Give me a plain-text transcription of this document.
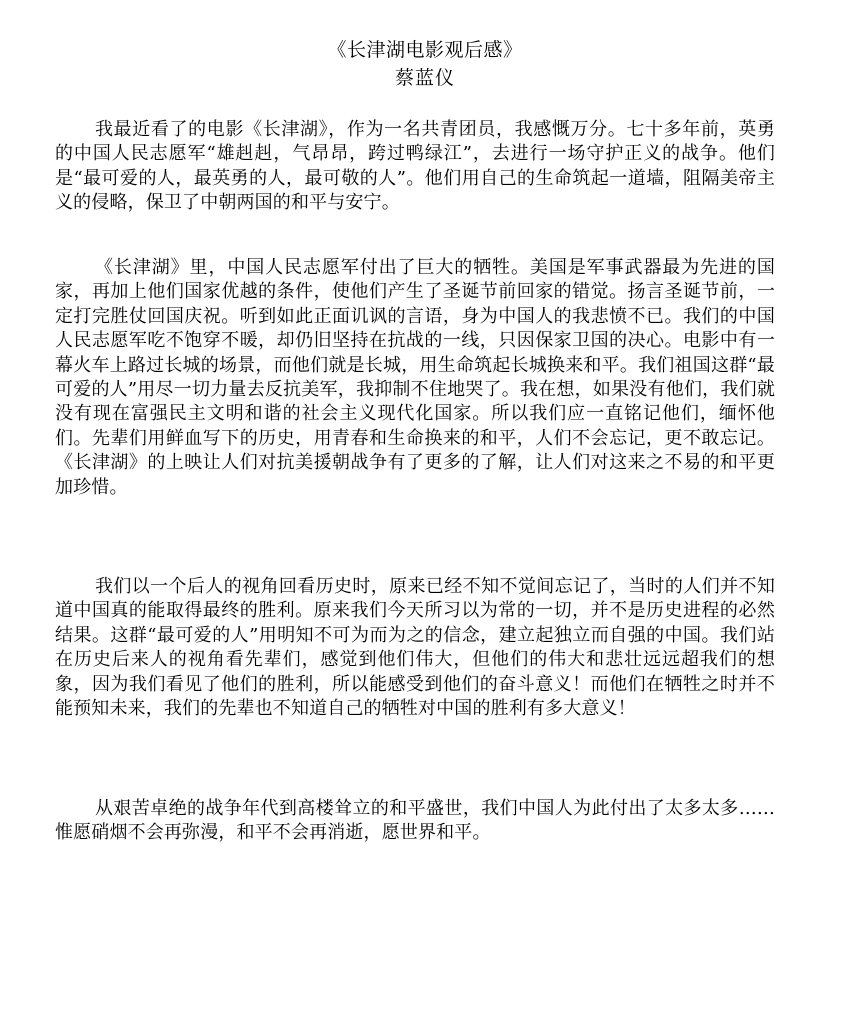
《长津湖电影观后感》
蔡蓝仪

我最近看了的电影《长津湖》，作为一名共青团员，我感慨万分。七十多年前，英勇的中国人民志愿军“雄赳赳，气昂昂，跨过鸭绿江”，去进行一场守护正义的战争。他们是“最可爱的人，最英勇的人，最可敬的人”。他们用自己的生命筑起一道墙，阻隔美帝主义的侵略，保卫了中朝两国的和平与安宁。

《长津湖》里，中国人民志愿军付出了巨大的牺牲。美国是军事武器最为先进的国家，再加上他们国家优越的条件，使他们产生了圣诞节前回家的错觉。扬言圣诞节前，一定打完胜仗回国庆祝。听到如此正面讥讽的言语，身为中国人的我悲愤不已。我们的中国人民志愿军吃不饱穿不暖，却仍旧坚持在抗战的一线，只因保家卫国的决心。电影中有一幕火车上路过长城的场景，而他们就是长城，用生命筑起长城换来和平。我们祖国这群“最可爱的人”用尽一切力量去反抗美军，我抑制不住地哭了。我在想，如果没有他们，我们就没有现在富强民主文明和谐的社会主义现代化国家。所以我们应一直铭记他们，缅怀他们。先辈们用鲜血写下的历史，用青春和生命换来的和平，人们不会忘记，更不敢忘记。《长津湖》的上映让人们对抗美援朝战争有了更多的了解，让人们对这来之不易的和平更加珍惜。

我们以一个后人的视角回看历史时，原来已经不知不觉间忘记了，当时的人们并不知道中国真的能取得最终的胜利。原来我们今天所习以为常的一切，并不是历史进程的必然结果。这群“最可爱的人”用明知不可为而为之的信念，建立起独立而自强的中国。我们站在历史后来人的视角看先辈们，感觉到他们伟大，但他们的伟大和悲壮远远超我们的想象，因为我们看见了他们的胜利，所以能感受到他们的奋斗意义！而他们在牺牲之时并不能预知未来，我们的先辈也不知道自己的牺牲对中国的胜利有多大意义！

从艰苦卓绝的战争年代到高楼耸立的和平盛世，我们中国人为此付出了太多太多……惟愿硝烟不会再弥漫，和平不会再消逝，愿世界和平。
